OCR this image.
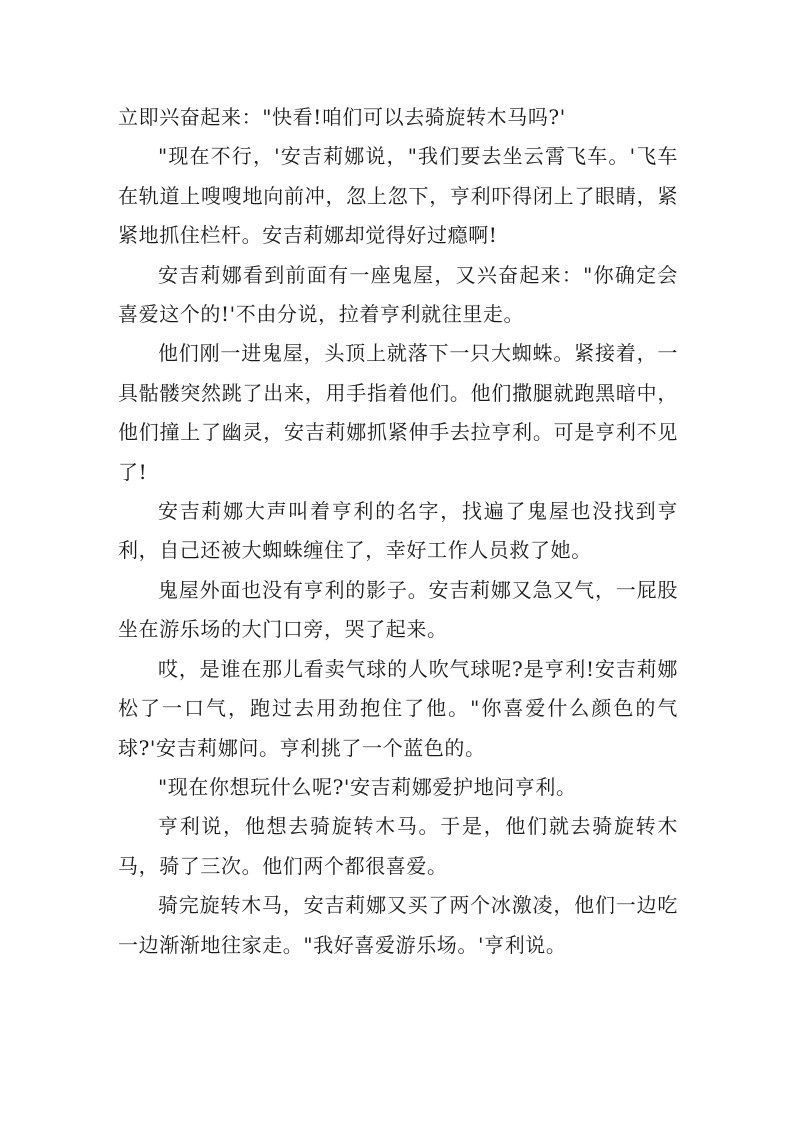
立即兴奋起来："快看!咱们可以去骑旋转木马吗?'

"现在不行，'安吉莉娜说，"我们要去坐云霄飞车。'飞车在轨道上嗖嗖地向前冲，忽上忽下，亨利吓得闭上了眼睛，紧紧地抓住栏杆。安吉莉娜却觉得好过瘾啊!

安吉莉娜看到前面有一座鬼屋，又兴奋起来："你确定会喜爱这个的!'不由分说，拉着亨利就往里走。

他们刚一进鬼屋，头顶上就落下一只大蜘蛛。紧接着，一具骷髅突然跳了出来，用手指着他们。他们撒腿就跑黑暗中，他们撞上了幽灵，安吉莉娜抓紧伸手去拉亨利。可是亨利不见了!

安吉莉娜大声叫着亨利的名字，找遍了鬼屋也没找到亨利，自己还被大蜘蛛缠住了，幸好工作人员救了她。

鬼屋外面也没有亨利的影子。安吉莉娜又急又气，一屁股坐在游乐场的大门口旁，哭了起来。

哎，是谁在那儿看卖气球的人吹气球呢?是亨利!安吉莉娜松了一口气，跑过去用劲抱住了他。"你喜爱什么颜色的气球?'安吉莉娜问。亨利挑了一个蓝色的。

"现在你想玩什么呢?'安吉莉娜爱护地问亨利。

亨利说，他想去骑旋转木马。于是，他们就去骑旋转木马，骑了三次。他们两个都很喜爱。

骑完旋转木马，安吉莉娜又买了两个冰激凌，他们一边吃一边渐渐地往家走。"我好喜爱游乐场。'亨利说。
